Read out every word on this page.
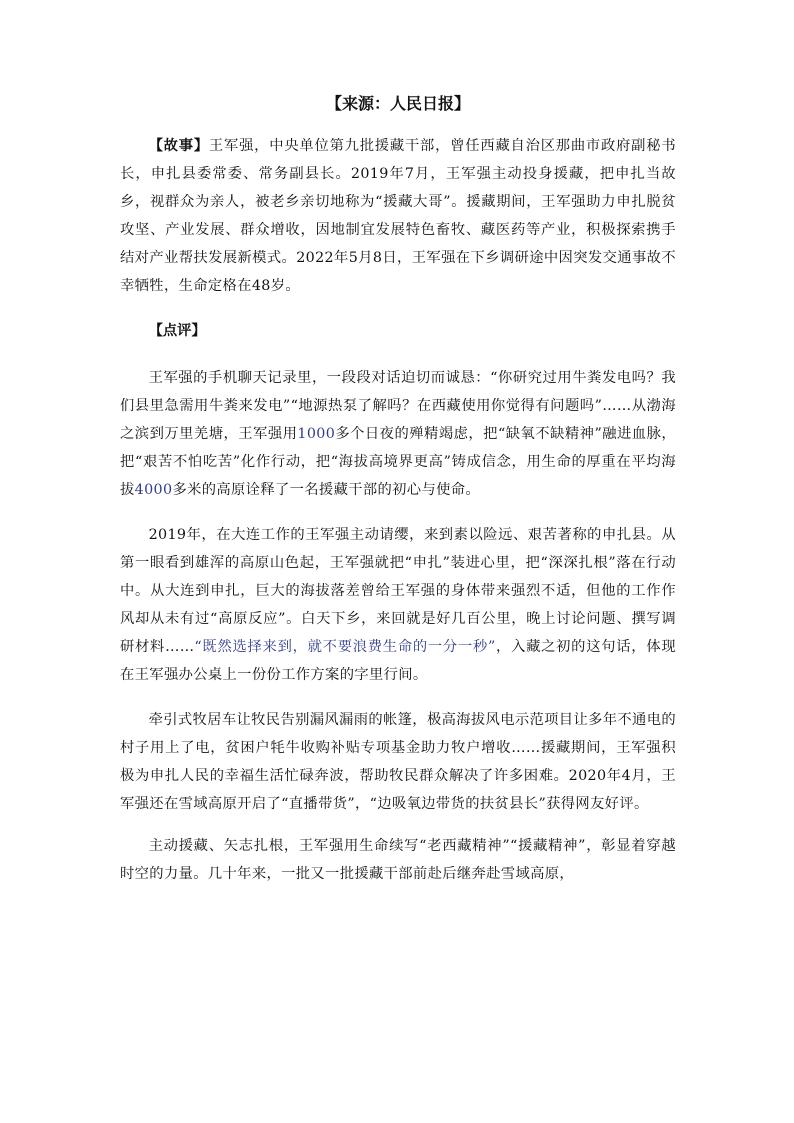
【来源：人民日报】

【故事】王军强，中央单位第九批援藏干部，曾任西藏自治区那曲市政府副秘书长，申扎县委常委、常务副县长。2019年7月，王军强主动投身援藏，把申扎当故乡，视群众为亲人，被老乡亲切地称为“援藏大哥”。援藏期间，王军强助力申扎脱贫攻坚、产业发展、群众增收，因地制宜发展特色畜牧、藏医药等产业，积极探索携手结对产业帮扶发展新模式。2022年5月8日，王军强在下乡调研途中因突发交通事故不幸牺牲，生命定格在48岁。

【点评】

王军强的手机聊天记录里，一段段对话迫切而诚恳：“你研究过用牛粪发电吗？我们县里急需用牛粪来发电”“地源热泵了解吗？在西藏使用你觉得有问题吗”……从渤海之滨到万里羌塘，王军强用1000多个日夜的殚精竭虑，把“缺氧不缺精神”融进血脉，把“艰苦不怕吃苦”化作行动，把“海拔高境界更高”铸成信念，用生命的厚重在平均海拔4000多米的高原诠释了一名援藏干部的初心与使命。

2019年，在大连工作的王军强主动请缨，来到素以险远、艰苦著称的申扎县。从第一眼看到雄浑的高原山色起，王军强就把“申扎”装进心里，把“深深扎根”落在行动中。从大连到申扎，巨大的海拔落差曾给王军强的身体带来强烈不适，但他的工作作风却从未有过“高原反应”。白天下乡，来回就是好几百公里，晚上讨论问题、撰写调研材料……“既然选择来到，就不要浪费生命的一分一秒”，入藏之初的这句话，体现在王军强办公桌上一份份工作方案的字里行间。

牵引式牧居车让牧民告别漏风漏雨的帐篷，极高海拔风电示范项目让多年不通电的村子用上了电，贫困户牦牛收购补贴专项基金助力牧户增收……援藏期间，王军强积极为申扎人民的幸福生活忙碌奔波，帮助牧民群众解决了许多困难。2020年4月，王军强还在雪域高原开启了“直播带货”，“边吸氧边带货的扶贫县长”获得网友好评。

主动援藏、矢志扎根，王军强用生命续写“老西藏精神”“援藏精神”，彰显着穿越时空的力量。几十年来，一批又一批援藏干部前赴后继奔赴雪域高原，
